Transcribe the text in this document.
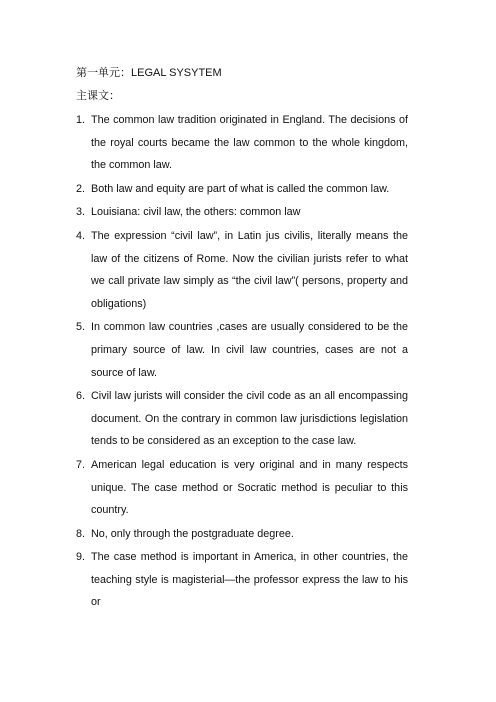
第一单元：LEGAL SYSYTEM
主课文：
1. The common law tradition originated in England. The decisions of the royal courts became the law common to the whole kingdom, the common law.
2. Both law and equity are part of what is called the common law.
3. Louisiana: civil law, the others: common law
4. The expression “civil law”, in Latin jus civilis, literally means the law of the citizens of Rome. Now the civilian jurists refer to what we call private law simply as “the civil law”( persons, property and obligations)
5. In common law countries ,cases are usually considered to be the primary source of law. In civil law countries, cases are not a source of law.
6. Civil law jurists will consider the civil code as an all encompassing document. On the contrary in common law jurisdictions legislation tends to be considered as an exception to the case law.
7. American legal education is very original and in many respects unique. The case method or Socratic method is peculiar to this country.
8. No, only through the postgraduate degree.
9. The case method is important in America, in other countries, the teaching style is magisterial—the professor express the law to his or
